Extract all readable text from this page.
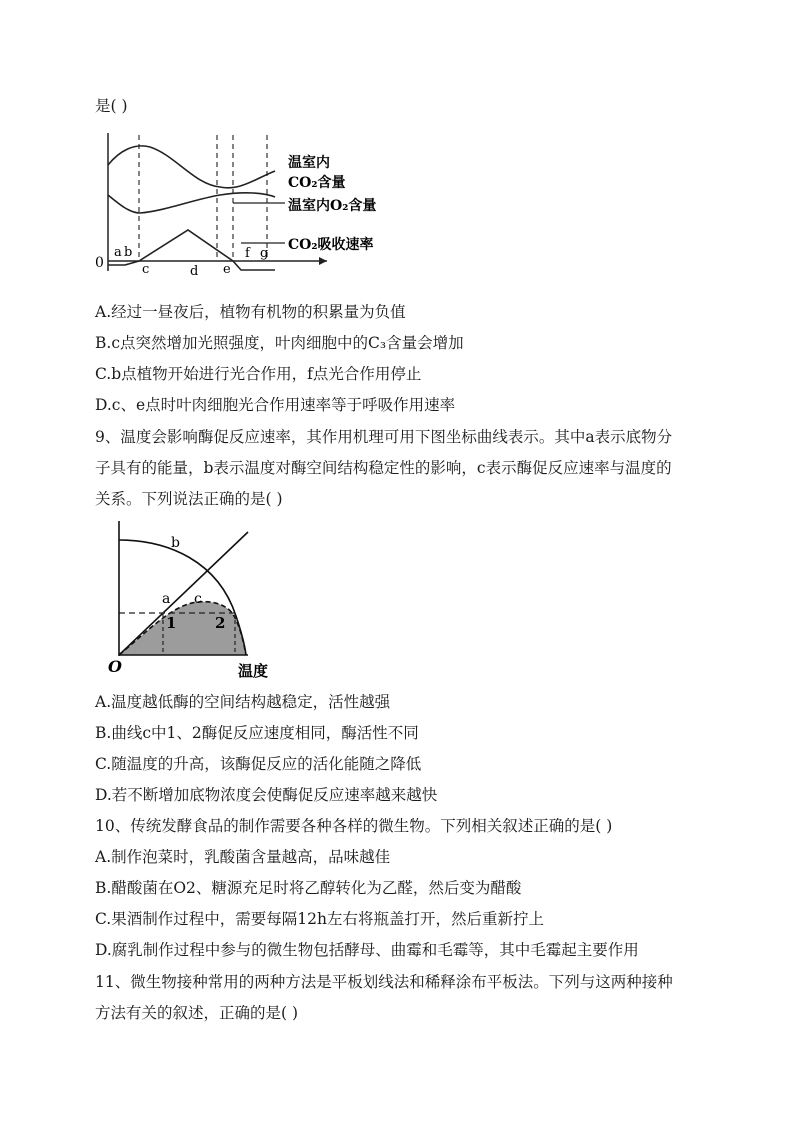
是( )
0
a b
c	d e
f g
温室内
CO₂含量
温室内O₂含量
CO₂吸收速率
A.经过一昼夜后，植物有机物的积累量为负值
B.c点突然增加光照强度，叶肉细胞中的C₃含量会增加
C.b点植物开始进行光合作用，f点光合作用停止
D.c、e点时叶肉细胞光合作用速率等于呼吸作用速率
9、温度会影响酶促反应速率，其作用机理可用下图坐标曲线表示。其中a表示底物分
子具有的能量，b表示温度对酶空间结构稳定性的影响，c表示酶促反应速率与温度的
关系。下列说法正确的是( )
b
a c
1	2
O	温度
A.温度越低酶的空间结构越稳定，活性越强
B.曲线c中1、2酶促反应速度相同，酶活性不同
C.随温度的升高，该酶促反应的活化能随之降低
D.若不断增加底物浓度会使酶促反应速率越来越快
10、传统发酵食品的制作需要各种各样的微生物。下列相关叙述正确的是( )
A.制作泡菜时，乳酸菌含量越高，品味越佳
B.醋酸菌在O2、糖源充足时将乙醇转化为乙醛，然后变为醋酸
C.果酒制作过程中，需要每隔12h左右将瓶盖打开，然后重新拧上
D.腐乳制作过程中参与的微生物包括酵母、曲霉和毛霉等，其中毛霉起主要作用
11、微生物接种常用的两种方法是平板划线法和稀释涂布平板法。下列与这两种接种
方法有关的叙述，正确的是( )
